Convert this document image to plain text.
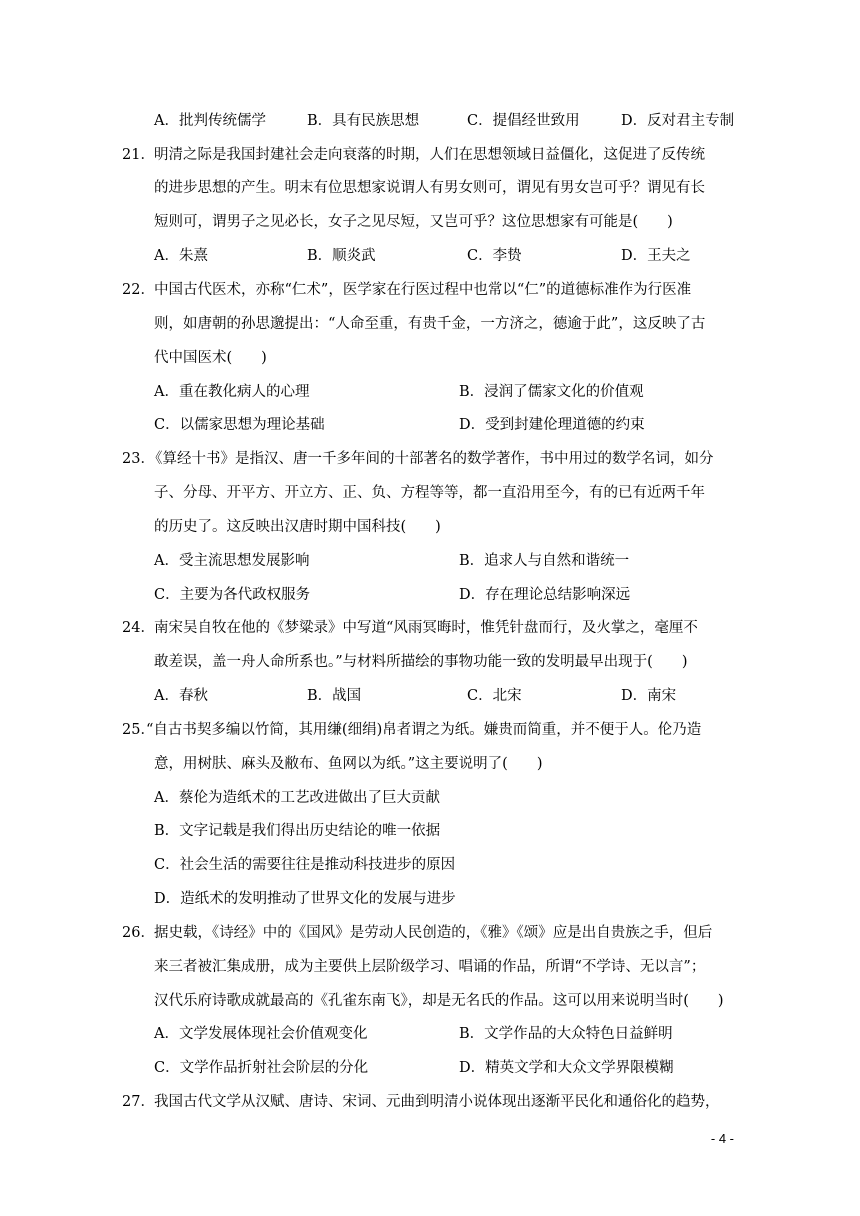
A．批判传统儒学	B．具有民族思想	C．提倡经世致用	D．反对君主专制
21． 明清之际是我国封建社会走向衰落的时期，人们在思想领域日益僵化，这促进了反传统
的进步思想的产生。明末有位思想家说谓人有男女则可，谓见有男女岂可乎？谓见有长
短则可，谓男子之见必长，女子之见尽短，又岂可乎？这位思想家有可能是(　　)
A．朱熹	B．顺炎武	C．李贽	D．王夫之
22． 中国古代医术，亦称“仁术”，医学家在行医过程中也常以“仁”的道德标准作为行医准
则，如唐朝的孙思邈提出：“人命至重，有贵千金，一方济之，德逾于此”，这反映了古
代中国医术(　　)
A．重在教化病人的心理	B．浸润了儒家文化的价值观
C．以儒家思想为理论基础	D．受到封建伦理道德的约束
23．
《算经十书》是指汉、唐一千多年间的十部著名的数学著作，书中用过的数学名词，如分
子、分母、开平方、开立方、正、负、方程等等，都一直沿用至今，有的已有近两千年
的历史了。这反映出汉唐时期中国科技(　　)
A．受主流思想发展影响	B．追求人与自然和谐统一
C．主要为各代政权服务	D．存在理论总结影响深远
24． 南宋吴自牧在他的《梦粱录》中写道“风雨冥晦时，惟凭针盘而行，及火掌之，毫厘不
敢差误，盖一舟人命所系也。”与材料所描绘的事物功能一致的发明最早出现于(　　)
A．春秋	B．战国	C．北宋	D．南宋
25．
“自古书契多编以竹简，其用缣(细绢)帛者谓之为纸。嫌贵而简重，并不便于人。伦乃造
意，用树肤、麻头及敝布、鱼网以为纸。”这主要说明了(　　)
A．蔡伦为造纸术的工艺改进做出了巨大贡献
B．文字记载是我们得出历史结论的唯一依据
C．社会生活的需要往往是推动科技进步的原因
D．造纸术的发明推动了世界文化的发展与进步
26． 据史载，《诗经》中的《国风》是劳动人民创造的，《雅》《颂》应是出自贵族之手，但后
来三者被汇集成册，成为主要供上层阶级学习、唱诵的作品，所谓“不学诗、无以言”；
汉代乐府诗歌成就最高的《孔雀东南飞》，却是无名氏的作品。这可以用来说明当时(　　)
A．文学发展体现社会价值观变化	B．文学作品的大众特色日益鲜明
C．文学作品折射社会阶层的分化	D．精英文学和大众文学界限模糊
27． 我国古代文学从汉赋、唐诗、宋词、元曲到明清小说体现出逐渐平民化和通俗化的趋势，
- 4 -
